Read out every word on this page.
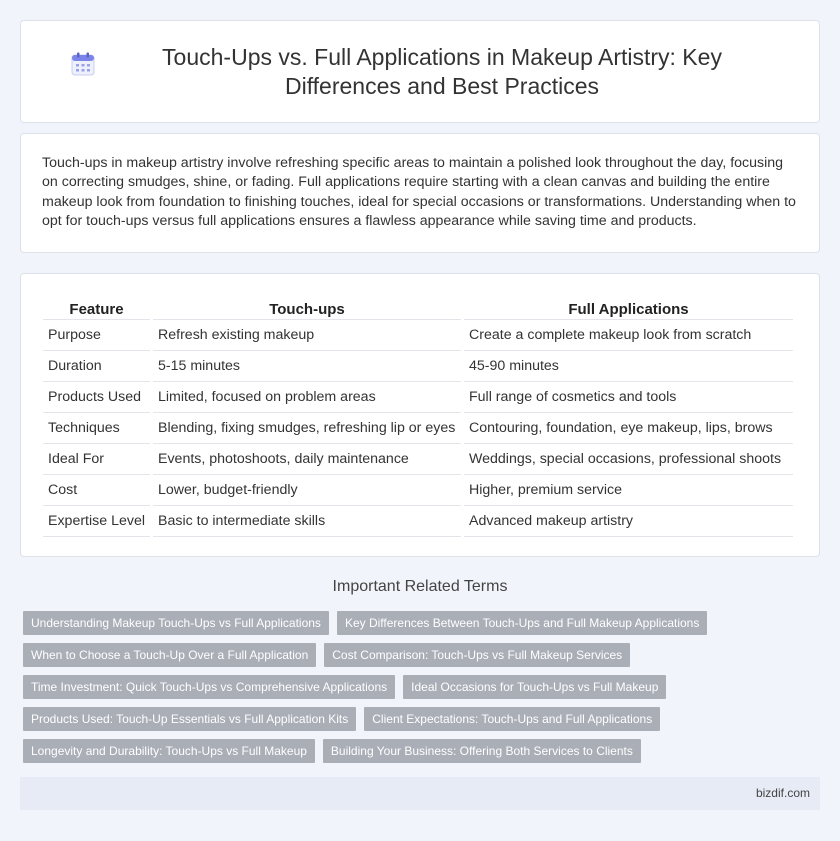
Touch-Ups vs. Full Applications in Makeup Artistry: Key Differences and Best Practices

Touch-ups in makeup artistry involve refreshing specific areas to maintain a polished look throughout the day, focusing on correcting smudges, shine, or fading. Full applications require starting with a clean canvas and building the entire makeup look from foundation to finishing touches, ideal for special occasions or transformations. Understanding when to opt for touch-ups versus full applications ensures a flawless appearance while saving time and products.

Feature	Touch-ups	Full Applications
Purpose	Refresh existing makeup	Create a complete makeup look from scratch
Duration	5-15 minutes	45-90 minutes
Products Used	Limited, focused on problem areas	Full range of cosmetics and tools
Techniques	Blending, fixing smudges, refreshing lip or eyes	Contouring, foundation, eye makeup, lips, brows
Ideal For	Events, photoshoots, daily maintenance	Weddings, special occasions, professional shoots
Cost	Lower, budget-friendly	Higher, premium service
Expertise Level	Basic to intermediate skills	Advanced makeup artistry
Important Related Terms
Understanding Makeup Touch-Ups vs Full Applications	Key Differences Between Touch-Ups and Full Makeup Applications
When to Choose a Touch-Up Over a Full Application	Cost Comparison: Touch-Ups vs Full Makeup Services
Time Investment: Quick Touch-Ups vs Comprehensive Applications	Ideal Occasions for Touch-Ups vs Full Makeup
Products Used: Touch-Up Essentials vs Full Application Kits	Client Expectations: Touch-Ups and Full Applications
Longevity and Durability: Touch-Ups vs Full Makeup	Building Your Business: Offering Both Services to Clients
bizdif.com
